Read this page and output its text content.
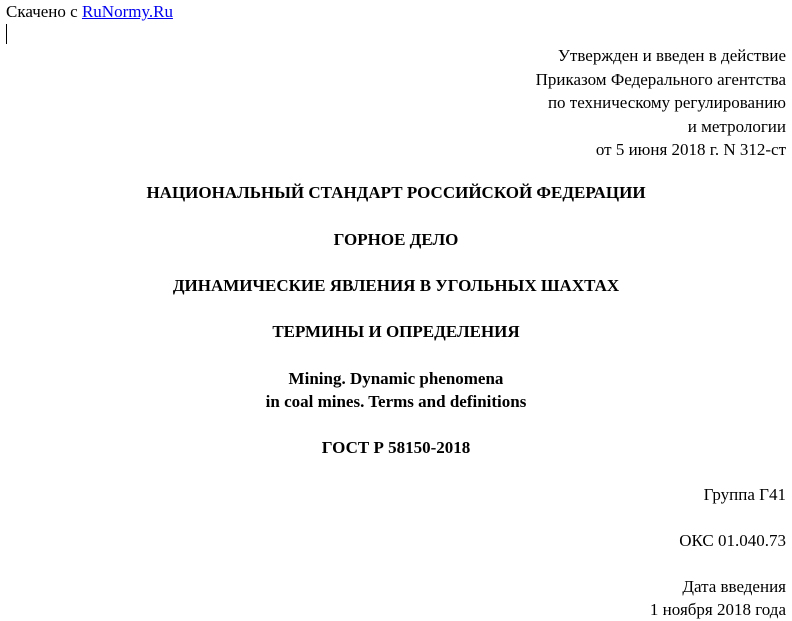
Скачено с RuNormy.Ru
Утвержден и введен в действие
Приказом Федерального агентства
по техническому регулированию
и метрологии
от 5 июня 2018 г. N 312-ст
НАЦИОНАЛЬНЫЙ СТАНДАРТ РОССИЙСКОЙ ФЕДЕРАЦИИ
ГОРНОЕ ДЕЛО
ДИНАМИЧЕСКИЕ ЯВЛЕНИЯ В УГОЛЬНЫХ ШАХТАХ
ТЕРМИНЫ И ОПРЕДЕЛЕНИЯ
Mining. Dynamic phenomena
in coal mines. Terms and definitions
ГОСТ Р 58150-2018
Группа Г41
ОКС 01.040.73
Дата введения
1 ноября 2018 года
